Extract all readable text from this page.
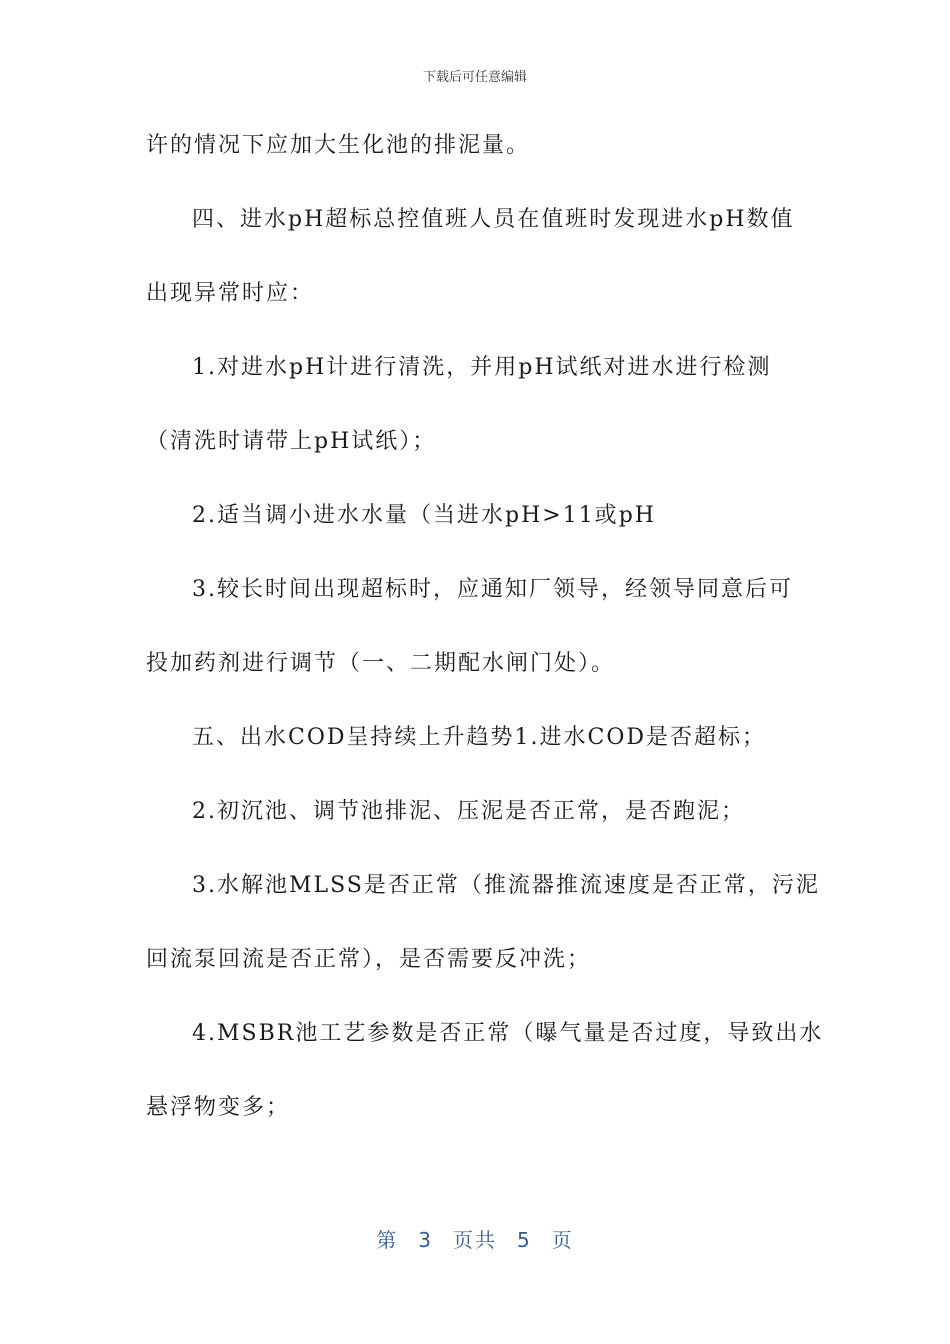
下载后可任意编辑
许的情况下应加大生化池的排泥量。
四、进水pH超标总控值班人员在值班时发现进水pH数值
出现异常时应：
1.对进水pH计进行清洗，并用pH试纸对进水进行检测
（清洗时请带上pH试纸）；
2.适当调小进水水量（当进水pH>11或pH
3.较长时间出现超标时，应通知厂领导，经领导同意后可
投加药剂进行调节（一、二期配水闸门处）。
五、出水COD呈持续上升趋势1.进水COD是否超标；
2.初沉池、调节池排泥、压泥是否正常，是否跑泥；
3.水解池MLSS是否正常（推流器推流速度是否正常，污泥
回流泵回流是否正常），是否需要反冲洗；
4.MSBR池工艺参数是否正常（曝气量是否过度，导致出水
悬浮物变多；
第 3 页共 5 页
